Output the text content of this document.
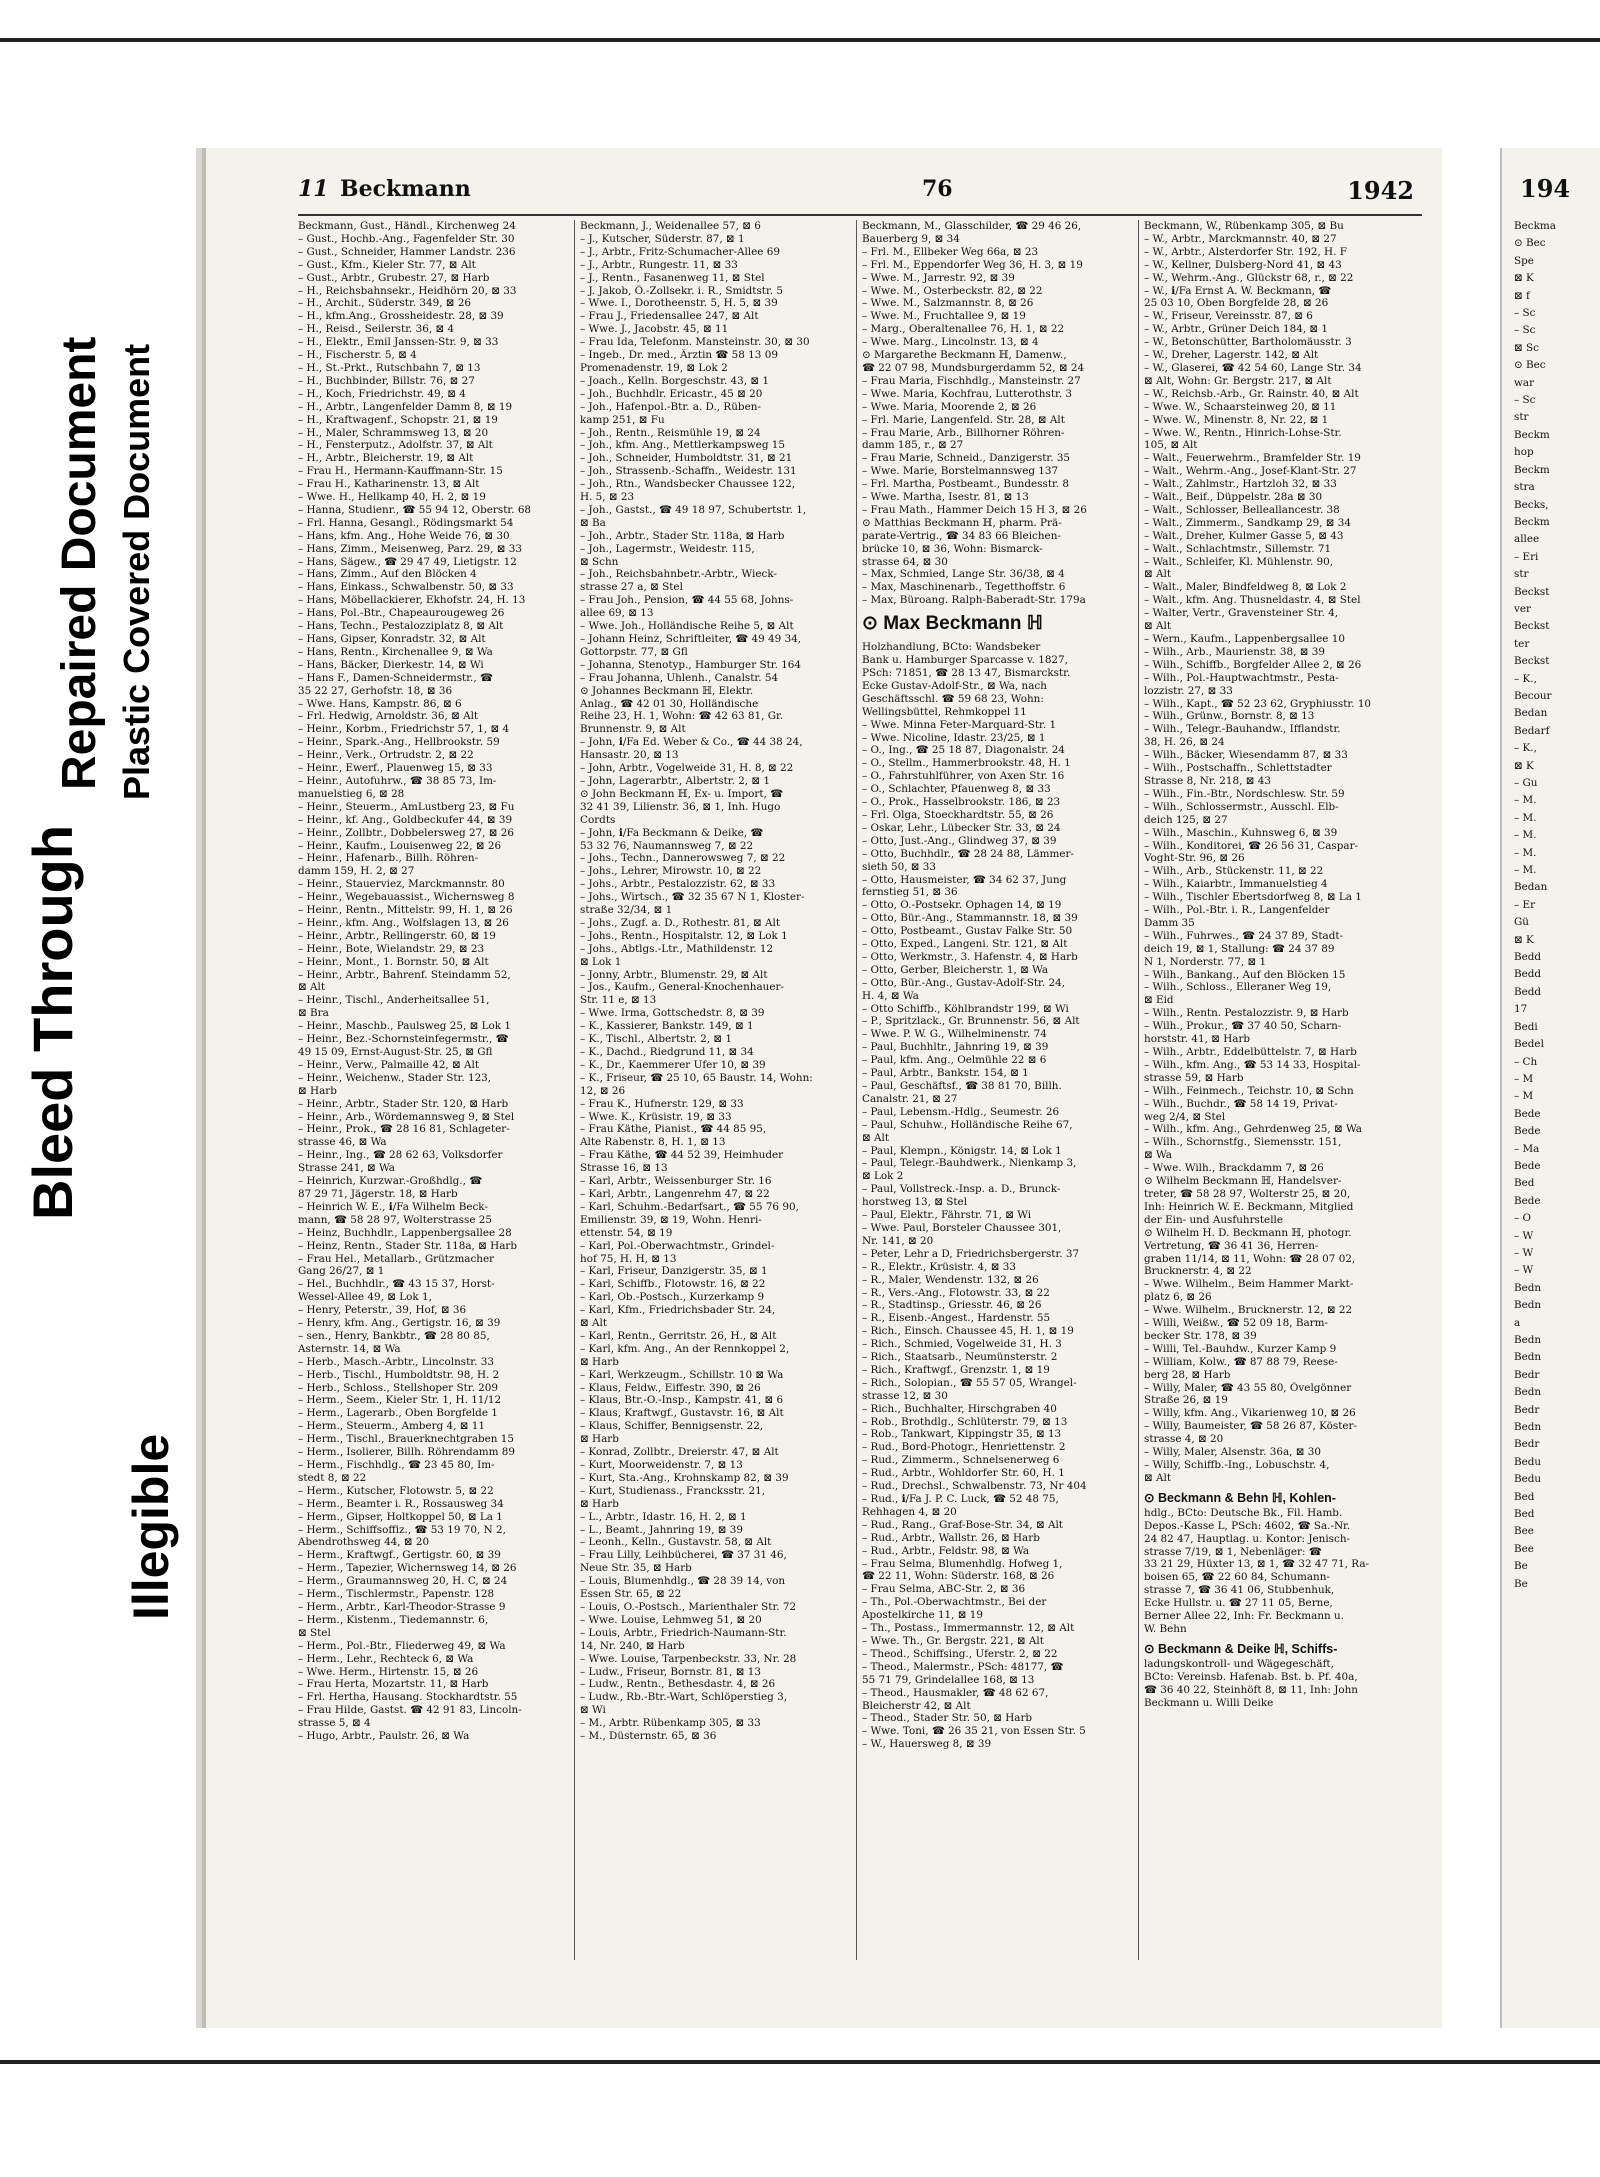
Bleed Through
Repaired Document Plastic Covered Document
Illegible
11 Beckmann	76	1942
Beckmann, Gust., Händl., Kirchenweg 24
– Gust., Hochb.-Ang., Fagenfelder Str. 30
– Gust., Schneider, Hammer Landstr. 236
– Gust., Kfm., Kieler Str. 77, ⊠ Alt
– Gust., Arbtr., Grubestr. 27, ⊠ Harb
– H., Reichsbahnsekr., Heidhörn 20, ⊠ 33
– H., Archit., Süderstr. 349, ⊠ 26
– H., kfm.Ang., Grossheidestr. 28, ⊠ 39
– H., Reisd., Seilerstr. 36, ⊠ 4
– H., Elektr., Emil Janssen-Str. 9, ⊠ 33
– H., Fischerstr. 5, ⊠ 4
– H., St.-Prkt., Rutschbahn 7, ⊠ 13
– H., Buchbinder, Billstr. 76, ⊠ 27
– H., Koch, Friedrichstr. 49, ⊠ 4
– H., Arbtr., Langenfelder Damm 8, ⊠ 19
– H., Kraftwagenf., Schopstr. 21, ⊠ 19
– H., Maler, Schrammsweg 13, ⊠ 20
– H., Fensterputz., Adolfstr. 37, ⊠ Alt
– H., Arbtr., Bleicherstr. 19, ⊠ Alt
– Frau H., Hermann-Kauffmann-Str. 15
– Frau H., Katharinenstr. 13, ⊠ Alt
– Wwe. H., Hellkamp 40, H. 2, ⊠ 19
– Hanna, Studienr., ☎ 55 94 12, Oberstr. 68
– Frl. Hanna, Gesangl., Rödingsmarkt 54
– Hans, kfm. Ang., Hohe Weide 76, ⊠ 30
– Hans, Zimm., Meisenweg, Parz. 29, ⊠ 33
– Hans, Sägew., ☎ 29 47 49, Lietigstr. 12
– Hans, Zimm., Auf den Blöcken 4
– Hans, Einkass., Schwalbenstr. 50, ⊠ 33
– Hans, Möbellackierer, Ekhofstr. 24, H. 13
– Hans, Pol.-Btr., Chapeaurougeweg 26
– Hans, Techn., Pestalozziplatz 8, ⊠ Alt
– Hans, Gipser, Konradstr. 32, ⊠ Alt
– Hans, Rentn., Kirchenallee 9, ⊠ Wa
– Hans, Bäcker, Dierkestr. 14, ⊠ Wi
– Hans F., Damen-Schneidermstr., ☎
35 22 27, Gerhofstr. 18, ⊠ 36
– Wwe. Hans, Kampstr. 86, ⊠ 6
– Frl. Hedwig, Arnoldstr. 36, ⊠ Alt
– Heinr., Korbm., Friedrichstr 57, 1, ⊠ 4
– Heinr., Spark.-Ang., Hellbrookstr. 59
– Heinr., Verk., Ortrudstr. 2, ⊠ 22
– Heinr., Ewerf., Plauenweg 15, ⊠ 33
– Heinr., Autofuhrw., ☎ 38 85 73, Im-
manuelstieg 6, ⊠ 28
– Heinr., Steuerm., AmLustberg 23, ⊠ Fu
– Heinr., kf. Ang., Goldbeckufer 44, ⊠ 39
– Heinr., Zollbtr., Dobbelersweg 27, ⊠ 26
– Heinr., Kaufm., Louisenweg 22, ⊠ 26
– Heinr., Hafenarb., Billh. Röhren-
damm 159, H. 2, ⊠ 27
– Heinr., Stauerviez, Marckmannstr. 80
– Heinr., Wegebauassist., Wichernsweg 8
– Heinr., Rentn., Mittelstr. 99, H. 1, ⊠ 26
– Heinr., kfm. Ang., Wolfslagen 13, ⊠ 26
– Heinr., Arbtr., Rellingerstr. 60, ⊠ 19
– Heinr., Bote, Wielandstr. 29, ⊠ 23
– Heinr., Mont., 1. Bornstr. 50, ⊠ Alt
– Heinr., Arbtr., Bahrenf. Steindamm 52,
⊠ Alt
– Heinr., Tischl., Anderheitsallee 51,
⊠ Bra
– Heinr., Maschb., Paulsweg 25, ⊠ Lok 1
– Heinr., Bez.-Schornsteinfegermstr., ☎
49 15 09, Ernst-August-Str. 25, ⊠ Gfl
– Heinr., Verw., Palmaille 42, ⊠ Alt
– Heinr., Weichenw., Stader Str. 123,
⊠ Harb
– Heinr., Arbtr., Stader Str. 120, ⊠ Harb
– Heinr., Arb., Wördemannsweg 9, ⊠ Stel
– Heinr., Prok., ☎ 28 16 81, Schlageter-
strasse 46, ⊠ Wa
– Heinr., Ing., ☎ 28 62 63, Volksdorfer
Strasse 241, ⊠ Wa
– Heinrich, Kurzwar.-Großhdlg., ☎
87 29 71, Jägerstr. 18, ⊠ Harb
– Heinrich W. E., ℹ/Fa Wilhelm Beck-
mann, ☎ 58 28 97, Wolterstrasse 25
– Heinz, Buchhdlr., Lappenbergsallee 28
– Heinz, Rentn., Stader Str. 118a, ⊠ Harb
– Frau Hel., Metallarb., Grützmacher
Gang 26/27, ⊠ 1
– Hel., Buchhdlr., ☎ 43 15 37, Horst-
Wessel-Allee 49, ⊠ Lok 1,
– Henry, Peterstr., 39, Hof, ⊠ 36
– Henry, kfm. Ang., Gertigstr. 16, ⊠ 39
– sen., Henry, Bankbtr., ☎ 28 80 85,
Asternstr. 14, ⊠ Wa
– Herb., Masch.-Arbtr., Lincolnstr. 33
– Herb., Tischl., Humboldtstr. 98, H. 2
– Herb., Schloss., Stellshoper Str. 209
– Herm., Seem., Kieler Str. 1, H. 11/12
– Herm., Lagerarb., Oben Borgfelde 1
– Herm., Steuerm., Amberg 4, ⊠ 11
– Herm., Tischl., Brauerknechtgraben 15
– Herm., Isolierer, Billh. Röhrendamm 89
– Herm., Fischhdlg., ☎ 23 45 80, Im-
stedt 8, ⊠ 22
– Herm., Kutscher, Flotowstr. 5, ⊠ 22
– Herm., Beamter i. R., Rossausweg 34
– Herm., Gipser, Holtkoppel 50, ⊠ La 1
– Herm., Schiffsoffiz., ☎ 53 19 70, N 2,
Abendrothsweg 44, ⊠ 20
– Herm., Kraftwgf., Gertigstr. 60, ⊠ 39
– Herm., Tapezier, Wichernsweg 14, ⊠ 26
– Herm., Graumannsweg 20, H. C, ⊠ 24
– Herm., Tischlermstr., Papenstr. 128
– Herm., Arbtr., Karl-Theodor-Strasse 9
– Herm., Kistenm., Tiedemannstr. 6,
⊠ Stel
– Herm., Pol.-Btr., Fliederweg 49, ⊠ Wa
– Herm., Lehr., Rechteck 6, ⊠ Wa
– Wwe. Herm., Hirtenstr. 15, ⊠ 26
– Frau Herta, Mozartstr. 11, ⊠ Harb
– Frl. Hertha, Hausang. Stockhardtstr. 55
– Frau Hilde, Gastst. ☎ 42 91 83, Lincoln-
strasse 5, ⊠ 4
– Hugo, Arbtr., Paulstr. 26, ⊠ Wa
Beckmann, J., Weidenallee 57, ⊠ 6
– J., Kutscher, Süderstr. 87, ⊠ 1
– J., Arbtr., Fritz-Schumacher-Allee 69
– J., Arbtr., Rungestr. 11, ⊠ 33
– J., Rentn., Fasanenweg 11, ⊠ Stel
– J. Jakob, Ö.-Zollsekr. i. R., Smidtstr. 5
– Wwe. I., Dorotheenstr. 5, H. 5, ⊠ 39
– Frau J., Friedensallee 247, ⊠ Alt
– Wwe. J., Jacobstr. 45, ⊠ 11
– Frau Ida, Telefonm. Mansteinstr. 30, ⊠ 30
– Ingeb., Dr. med., Ärztin ☎ 58 13 09
Promenadenstr. 19, ⊠ Lok 2
– Joach., Kelln. Borgeschstr. 43, ⊠ 1
– Joh., Buchhdlr. Ericastr., 45 ⊠ 20
– Joh., Hafenpol.-Btr. a. D., Rüben-
kamp 251, ⊠ Fu
– Joh., Rentn., Reismühle 19, ⊠ 24
– Joh., kfm. Ang., Mettlerkampsweg 15
– Joh., Schneider, Humboldtstr. 31, ⊠ 21
– Joh., Strassenb.-Schaffn., Weidestr. 131
– Joh., Rtn., Wandsbecker Chaussee 122,
H. 5, ⊠ 23
– Joh., Gastst., ☎ 49 18 97, Schubertstr. 1,
⊠ Ba
– Joh., Arbtr., Stader Str. 118a, ⊠ Harb
– Joh., Lagermstr., Weidestr. 115,
⊠ Schn
– Joh., Reichsbahnbetr.-Arbtr., Wieck-
strasse 27 a, ⊠ Stel
– Frau Joh., Pension, ☎ 44 55 68, Johns-
allee 69, ⊠ 13
– Wwe. Joh., Holländische Reihe 5, ⊠ Alt
– Johann Heinz, Schriftleiter, ☎ 49 49 34,
Gottorpstr. 77, ⊠ Gfl
– Johanna, Stenotyp., Hamburger Str. 164
– Frau Johanna, Uhlenh., Canalstr. 54
⊙ Johannes Beckmann ℍ, Elektr.
Anlag., ☎ 42 01 30, Holländische
Reihe 23, H. 1, Wohn: ☎ 42 63 81, Gr.
Brunnenstr. 9, ⊠ Alt
– John, ℹ/Fa Ed. Weber & Co., ☎ 44 38 24,
Hansastr. 20, ⊠ 13
– John, Arbtr., Vogelweide 31, H. 8, ⊠ 22
– John, Lagerarbtr., Albertstr. 2, ⊠ 1
⊙ John Beckmann ℍ, Ex- u. Import, ☎
32 41 39, Lilienstr. 36, ⊠ 1, Inh. Hugo
Cordts
– John, ℹ/Fa Beckmann & Deike, ☎
53 32 76, Naumannsweg 7, ⊠ 22
– Johs., Techn., Dannerowsweg 7, ⊠ 22
– Johs., Lehrer, Mirowstr. 10, ⊠ 22
– Johs., Arbtr., Pestalozzistr. 62, ⊠ 33
– Johs., Wirtsch., ☎ 32 35 67 N 1, Kloster-
straße 32/34, ⊠ 1
– Johs., Zugf. a. D., Rothestr. 81, ⊠ Alt
– Johs., Rentn., Hospitalstr. 12, ⊠ Lok 1
– Johs., Abtlgs.-Ltr., Mathildenstr. 12
⊠ Lok 1
– Jonny, Arbtr., Blumenstr. 29, ⊠ Alt
– Jos., Kaufm., General-Knochenhauer-
Str. 11 e, ⊠ 13
– Wwe. Irma, Gottschedstr. 8, ⊠ 39
– K., Kassierer, Bankstr. 149, ⊠ 1
– K., Tischl., Albertstr. 2, ⊠ 1
– K., Dachd., Riedgrund 11, ⊠ 34
– K., Dr., Kaemmerer Ufer 10, ⊠ 39
– K., Friseur, ☎ 25 10, 65 Baustr. 14, Wohn:
12, ⊠ 26
– Frau K., Hufnerstr. 129, ⊠ 33
– Wwe. K., Krüsistr. 19, ⊠ 33
– Frau Käthe, Pianist., ☎ 44 85 95,
Alte Rabenstr. 8, H. 1, ⊠ 13
– Frau Käthe, ☎ 44 52 39, Heimhuder
Strasse 16, ⊠ 13
– Karl, Arbtr., Weissenburger Str. 16
– Karl, Arbtr., Langenrehm 47, ⊠ 22
– Karl, Schuhm.-Bedarfsart., ☎ 55 76 90,
Emilienstr. 39, ⊠ 19, Wohn. Henri-
ettenstr. 54, ⊠ 19
– Karl, Pol.-Oberwachtmstr., Grindel-
hof 75, H. H, ⊠ 13
– Karl, Friseur, Danzigerstr. 35, ⊠ 1
– Karl, Schiffb., Flotowstr. 16, ⊠ 22
– Karl, Ob.-Postsch., Kurzerkamp 9
– Karl, Kfm., Friedrichsbader Str. 24,
⊠ Alt
– Karl, Rentn., Gerritstr. 26, H., ⊠ Alt
– Karl, kfm. Ang., An der Rennkoppel 2,
⊠ Harb
– Karl, Werkzeugm., Schillstr. 10 ⊠ Wa
– Klaus, Feldw., Eiffestr. 390, ⊠ 26
– Klaus, Btr.-O.-Insp., Kampstr. 41, ⊠ 6
– Klaus, Kraftwgf., Gustavstr. 16, ⊠ Alt
– Klaus, Schiffer, Bennigsenstr. 22,
⊠ Harb
– Konrad, Zollbtr., Dreierstr. 47, ⊠ Alt
– Kurt, Moorweidenstr. 7, ⊠ 13
– Kurt, Sta.-Ang., Krohnskamp 82, ⊠ 39
– Kurt, Studienass., Francksstr. 21,
⊠ Harb
– L., Arbtr., Idastr. 16, H. 2, ⊠ 1
– L., Beamt., Jahnring 19, ⊠ 39
– Leonh., Kelln., Gustavstr. 58, ⊠ Alt
– Frau Lilly, Leihbücherei, ☎ 37 31 46,
Neue Str. 35, ⊠ Harb
– Louis, Blumenhdlg., ☎ 28 39 14, von
Essen Str. 65, ⊠ 22
– Louis, O.-Postsch., Marienthaler Str. 72
– Wwe. Louise, Lehmweg 51, ⊠ 20
– Louis, Arbtr., Friedrich-Naumann-Str.
14, Nr. 240, ⊠ Harb
– Wwe. Louise, Tarpenbeckstr. 33, Nr. 28
– Ludw., Friseur, Bornstr. 81, ⊠ 13
– Ludw., Rentn., Bethesdastr. 4, ⊠ 26
– Ludw., Rb.-Btr.-Wart, Schlöperstieg 3,
⊠ Wi
– M., Arbtr. Rübenkamp 305, ⊠ 33
– M., Düsternstr. 65, ⊠ 36
Beckmann, M., Glasschilder, ☎ 29 46 26,
Bauerberg 9, ⊠ 34
– Frl. M., Ellbeker Weg 66a, ⊠ 23
– Frl. M., Eppendorfer Weg 36, H. 3, ⊠ 19
– Wwe. M., Jarrestr. 92, ⊠ 39
– Wwe. M., Osterbeckstr. 82, ⊠ 22
– Wwe. M., Salzmannstr. 8, ⊠ 26
– Wwe. M., Fruchtallee 9, ⊠ 19
– Marg., Oberaltenallee 76, H. 1, ⊠ 22
– Wwe. Marg., Lincolnstr. 13, ⊠ 4
⊙ Margarethe Beckmann ℍ, Damenw.,
☎ 22 07 98, Mundsburgerdamm 52, ⊠ 24
– Frau Maria, Fischhdlg., Mansteinstr. 27
– Wwe. Maria, Kochfrau, Lutterothstr. 3
– Wwe. Maria, Moorende 2, ⊠ 26
– Frl. Marie, Langenfeld. Str. 28, ⊠ Alt
– Frau Marie, Arb., Billhorner Röhren-
damm 185, r., ⊠ 27
– Frau Marie, Schneid., Danzigerstr. 35
– Wwe. Marie, Borstelmannsweg 137
– Frl. Martha, Postbeamt., Bundesstr. 8
– Wwe. Martha, Isestr. 81, ⊠ 13
– Frau Math., Hammer Deich 15 H 3, ⊠ 26
⊙ Matthias Beckmann ℍ, pharm. Prä-
parate-Vertrig., ☎ 34 83 66 Bleichen-
brücke 10, ⊠ 36, Wohn: Bismarck-
strasse 64, ⊠ 30
– Max, Schmied, Lange Str. 36/38, ⊠ 4
– Max, Maschinenarb., Tegetthoffstr. 6
– Max, Büroang. Ralph-Baberadt-Str. 179a
⊙ Max Beckmann ℍ
Holzhandlung, BCto: Wandsbeker
Bank u. Hamburger Sparcasse v. 1827,
PSch: 71851, ☎ 28 13 47, Bismarckstr.
Ecke Gustav-Adolf-Str., ⊠ Wa, nach
Geschäftsschl. ☎ 59 68 23, Wohn:
Wellingsbüttel, Rehmkoppel 11
– Wwe. Minna Feter-Marquard-Str. 1
– Wwe. Nicoline, Idastr. 23/25, ⊠ 1
– O., Ing., ☎ 25 18 87, Diagonalstr. 24
– O., Stellm., Hammerbrookstr. 48, H. 1
– O., Fahrstuhlführer, von Axen Str. 16
– O., Schlachter, Pfauenweg 8, ⊠ 33
– O., Prok., Hasselbrookstr. 186, ⊠ 23
– Frl. Olga, Stoeckhardtstr. 55, ⊠ 26
– Oskar, Lehr., Lübecker Str. 33, ⊠ 24
– Otto, Just.-Ang., Glindweg 37, ⊠ 39
– Otto, Buchhdlr., ☎ 28 24 88, Lämmer-
sieth 50, ⊠ 33
– Otto, Hausmeister, ☎ 34 62 37, Jung
fernstieg 51, ⊠ 36
– Otto, O.-Postsekr. Ophagen 14, ⊠ 19
– Otto, Bür.-Ang., Stammannstr. 18, ⊠ 39
– Otto, Postbeamt., Gustav Falke Str. 50
– Otto, Exped., Langeni. Str. 121, ⊠ Alt
– Otto, Werkmstr., 3. Hafenstr. 4, ⊠ Harb
– Otto, Gerber, Bleicherstr. 1, ⊠ Wa
– Otto, Bür.-Ang., Gustav-Adolf-Str. 24,
H. 4, ⊠ Wa
– Otto Schiffb., Köhlbrandstr 199, ⊠ Wi
– P., Spritzlack., Gr. Brunnenstr. 56, ⊠ Alt
– Wwe. P. W. G., Wilhelminenstr. 74
– Paul, Buchhltr., Jahnring 19, ⊠ 39
– Paul, kfm. Ang., Oelmühle 22 ⊠ 6
– Paul, Arbtr., Bankstr. 154, ⊠ 1
– Paul, Geschäftsf., ☎ 38 81 70, Billh.
Canalstr. 21, ⊠ 27
– Paul, Lebensm.-Hdlg., Seumestr. 26
– Paul, Schuhw., Holländische Reihe 67,
⊠ Alt
– Paul, Klempn., Königstr. 14, ⊠ Lok 1
– Paul, Telegr.-Bauhdwerk., Nienkamp 3,
⊠ Lok 2
– Paul, Vollstreck.-Insp. a. D., Brunck-
horstweg 13, ⊠ Stel
– Paul, Elektr., Fährstr. 71, ⊠ Wi
– Wwe. Paul, Borsteler Chaussee 301,
Nr. 141, ⊠ 20
– Peter, Lehr a D, Friedrichsbergerstr. 37
– R., Elektr., Krüsistr. 4, ⊠ 33
– R., Maler, Wendenstr. 132, ⊠ 26
– R., Vers.-Ang., Flotowstr. 33, ⊠ 22
– R., Stadtinsp., Griesstr. 46, ⊠ 26
– R., Eisenb.-Angest., Hardenstr. 55
– Rich., Einsch. Chaussee 45, H. 1, ⊠ 19
– Rich., Schmied, Vogelweide 31, H. 3
– Rich., Staatsarb., Neumünsterstr. 2
– Rich., Kraftwgf., Grenzstr. 1, ⊠ 19
– Rich., Solopian., ☎ 55 57 05, Wrangel-
strasse 12, ⊠ 30
– Rich., Buchhalter, Hirschgraben 40
– Rob., Brothdlg., Schlüterstr. 79, ⊠ 13
– Rob., Tankwart, Kippingstr 35, ⊠ 13
– Rud., Bord-Photogr., Henriettenstr. 2
– Rud., Zimmerm., Schnelsenerweg 6
– Rud., Arbtr., Wohldorfer Str. 60, H. 1
– Rud., Drechsl., Schwalbenstr. 73, Nr 404
– Rud., ℹ/Fa J. P. C. Luck, ☎ 52 48 75,
Rehhagen 4, ⊠ 20
– Rud., Rang., Graf-Bose-Str. 34, ⊠ Alt
– Rud., Arbtr., Wallstr. 26, ⊠ Harb
– Rud., Arbtr., Feldstr. 98, ⊠ Wa
– Frau Selma, Blumenhdlg. Hofweg 1,
☎ 22 11, Wohn: Süderstr. 168, ⊠ 26
– Frau Selma, ABC-Str. 2, ⊠ 36
– Th., Pol.-Oberwachtmstr., Bei der
Apostelkirche 11, ⊠ 19
– Th., Postass., Immermannstr. 12, ⊠ Alt
– Wwe. Th., Gr. Bergstr. 221, ⊠ Alt
– Theod., Schiffsing., Uferstr. 2, ⊠ 22
– Theod., Malermstr., PSch: 48177, ☎
55 71 79, Grindelallee 168, ⊠ 13
– Theod., Hausmakler, ☎ 48 62 67,
Bleicherstr 42, ⊠ Alt
– Theod., Stader Str. 50, ⊠ Harb
– Wwe. Toni, ☎ 26 35 21, von Essen Str. 5
– W., Hauersweg 8, ⊠ 39
Beckmann, W., Rübenkamp 305, ⊠ Bu
– W., Arbtr., Marckmannstr. 40, ⊠ 27
– W., Arbtr., Alsterdorfer Str. 192, H. F
– W., Kellner, Dulsberg-Nord 41, ⊠ 43
– W., Wehrm.-Ang., Glückstr 68, r., ⊠ 22
– W., ℹ/Fa Ernst A. W. Beckmann, ☎
25 03 10, Oben Borgfelde 28, ⊠ 26
– W., Friseur, Vereinsstr. 87, ⊠ 6
– W., Arbtr., Grüner Deich 184, ⊠ 1
– W., Betonschütter, Bartholomäusstr. 3
– W., Dreher, Lagerstr. 142, ⊠ Alt
– W., Glaserei, ☎ 42 54 60, Lange Str. 34
⊠ Alt, Wohn: Gr. Bergstr. 217, ⊠ Alt
– W., Reichsb.-Arb., Gr. Rainstr. 40, ⊠ Alt
– Wwe. W., Schaarsteinweg 20, ⊠ 11
– Wwe. W., Minenstr. 8, Nr. 22, ⊠ 1
– Wwe. W., Rentn., Hinrich-Lohse-Str.
105, ⊠ Alt
– Walt., Feuerwehrm., Bramfelder Str. 19
– Walt., Wehrm.-Ang., Josef-Klant-Str. 27
– Walt., Zahlmstr., Hartzloh 32, ⊠ 33
– Walt., Beif., Düppelstr. 28a ⊠ 30
– Walt., Schlosser, Belleallancestr. 38
– Walt., Zimmerm., Sandkamp 29, ⊠ 34
– Walt., Dreher, Kulmer Gasse 5, ⊠ 43
– Walt., Schlachtmstr., Sillemstr. 71
– Walt., Schleifer, Kl. Mühlenstr. 90,
⊠ Alt
– Walt., Maler, Bindfeldweg 8, ⊠ Lok 2
– Walt., kfm. Ang. Thusneldastr. 4, ⊠ Stel
– Walter, Vertr., Gravensteiner Str. 4,
⊠ Alt
– Wern., Kaufm., Lappenbergsallee 10
– Wilh., Arb., Maurienstr. 38, ⊠ 39
– Wilh., Schiffb., Borgfelder Allee 2, ⊠ 26
– Wilh., Pol.-Hauptwachtmstr., Pesta-
lozzistr. 27, ⊠ 33
– Wilh., Kapt., ☎ 52 23 62, Gryphiusstr. 10
– Wilh., Grünw., Bornstr. 8, ⊠ 13
– Wilh., Telegr.-Bauhandw., Ifflandstr.
38, H. 26, ⊠ 24
– Wilh., Bäcker, Wiesendamm 87, ⊠ 33
– Wilh., Postschaffn., Schlettstadter
Strasse 8, Nr. 218, ⊠ 43
– Wilh., Fin.-Btr., Nordschlesw. Str. 59
– Wilh., Schlossermstr., Ausschl. Elb-
deich 125, ⊠ 27
– Wilh., Maschin., Kuhnsweg 6, ⊠ 39
– Wilh., Konditorei, ☎ 26 56 31, Caspar-
Voght-Str. 96, ⊠ 26
– Wilh., Arb., Stückenstr. 11, ⊠ 22
– Wilh., Kaiarbtr., Immanuelstieg 4
– Wilh., Tischler Ebertsdorfweg 8, ⊠ La 1
– Wilh., Pol.-Btr. i. R., Langenfelder
Damm 35
– Wilh., Fuhrwes., ☎ 24 37 89, Stadt-
deich 19, ⊠ 1, Stallung: ☎ 24 37 89
N 1, Norderstr. 77, ⊠ 1
– Wilh., Bankang., Auf den Blöcken 15
– Wilh., Schloss., Elleraner Weg 19,
⊠ Eid
– Wilh., Rentn. Pestalozzistr. 9, ⊠ Harb
– Wilh., Prokur., ☎ 37 40 50, Scharn-
horststr. 41, ⊠ Harb
– Wilh., Arbtr., Eddelbüttelstr. 7, ⊠ Harb
– Wilh., kfm. Ang., ☎ 53 14 33, Hospital-
strasse 59, ⊠ Harb
– Wilh., Feinmech., Teichstr. 10, ⊠ Schn
– Wilh., Buchdr., ☎ 58 14 19, Privat-
weg 2/4, ⊠ Stel
– Wilh., kfm. Ang., Gehrdenweg 25, ⊠ Wa
– Wilh., Schornstfg., Siemensstr. 151,
⊠ Wa
– Wwe. Wilh., Brackdamm 7, ⊠ 26
⊙ Wilhelm Beckmann ℍ, Handelsver-
treter, ☎ 58 28 97, Wolterstr 25, ⊠ 20,
Inh: Heinrich W. E. Beckmann, Mitglied
der Ein- und Ausfuhrstelle
⊙ Wilhelm H. D. Beckmann ℍ, photogr.
Vertretung, ☎ 36 41 36, Herren-
graben 11/14, ⊠ 11, Wohn: ☎ 28 07 02,
Brucknerstr. 4, ⊠ 22
– Wwe. Wilhelm., Beim Hammer Markt-
platz 6, ⊠ 26
– Wwe. Wilhelm., Brucknerstr. 12, ⊠ 22
– Willi, Weißw., ☎ 52 09 18, Barm-
becker Str. 178, ⊠ 39
– Willi, Tel.-Bauhdw., Kurzer Kamp 9
– William, Kolw., ☎ 87 88 79, Reese-
berg 28, ⊠ Harb
– Willy, Maler, ☎ 43 55 80, Övelgönner
Straße 26, ⊠ 19
– Willy, kfm. Ang., Vikarienweg 10, ⊠ 26
– Willy, Baumeister, ☎ 58 26 87, Köster-
strasse 4, ⊠ 20
– Willy, Maler, Alsenstr. 36a, ⊠ 30
– Willy, Schiffb.-Ing., Lobuschstr. 4,
⊠ Alt
⊙ Beckmann & Behn ℍ, Kohlen-
hdlg., BCto: Deutsche Bk., Fil. Hamb.
Depos.-Kasse L, PSch: 4602, ☎ Sa.-Nr.
24 82 47, Hauptlag. u. Kontor: Jenisch-
strasse 7/19, ⊠ 1, Nebenläger: ☎
33 21 29, Hüxter 13, ⊠ 1, ☎ 32 47 71, Ra-
boisen 65, ☎ 22 60 84, Schumann-
strasse 7, ☎ 36 41 06, Stubbenhuk,
Ecke Hullstr. u. ☎ 27 11 05, Berne,
Berner Allee 22, Inh: Fr. Beckmann u.
W. Behn
⊙ Beckmann & Deike ℍ, Schiffs-
ladungskontroll- und Wägegeschäft,
BCto: Vereinsb. Hafenab. Bst. b. Pf. 40a,
☎ 36 40 22, Steinhöft 8, ⊠ 11, Inh: John
Beckmann u. Willi Deike
194
Beckma
⊙ Bec
Spe
⊠ K
⊠ f
– Sc
– Sc
⊠ Sc
⊙ Bec
war
– Sc
str
Beckm
hop
Beckm
stra
Becks,
Beckm
allee
– Eri
str
Beckst
ver
Beckst
ter
Beckst
– K.,
Becour
Bedan
Bedarf
– K.,
⊠ K
– Gu
– M.
– M.
– M.
– M.
– M.
Bedan
– Er
Gü
⊠ K
Bedd
Bedd
Bedd
17
Bedi
Bedel
– Ch
– M
– M
Bede
Bede
– Ma
Bede
Bed
Bede
– O
– W
– W
– W
Bedn
Bedn
a
Bedn
Bedn
Bedr
Bedn
Bedr
Bedn
Bedr
Bedu
Bedu
Bed
Bed
Bee
Bee
Be
Be
